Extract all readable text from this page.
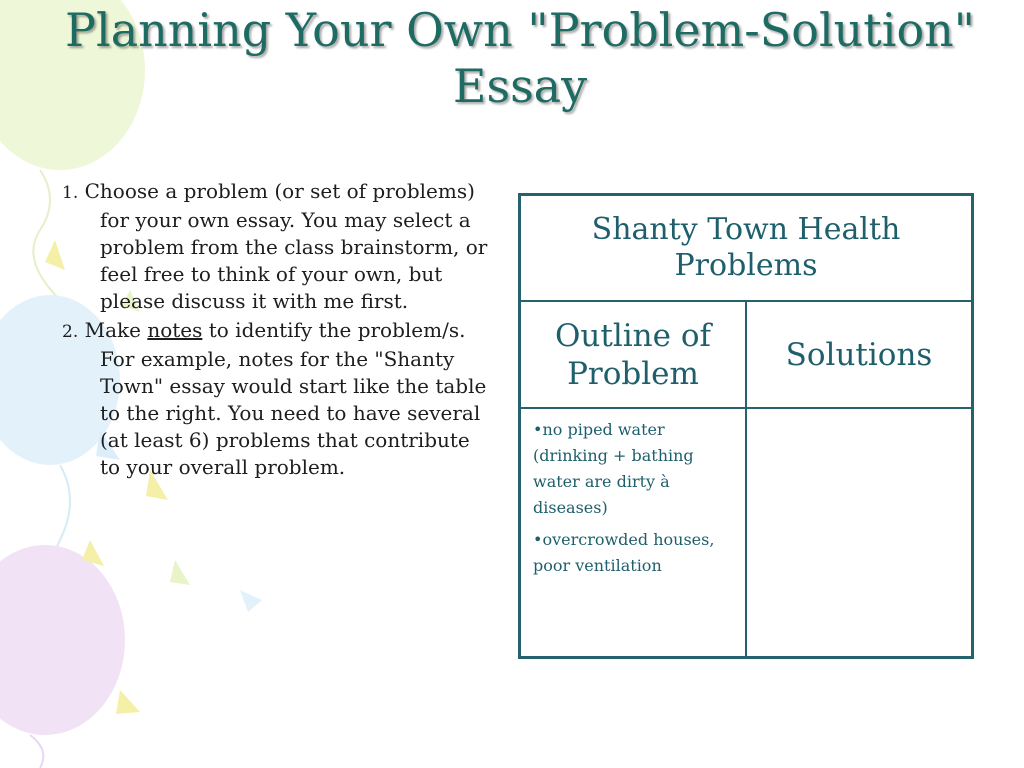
Planning Your Own "Problem-Solution" Essay

1. Choose a problem (or set of problems) for your own essay. You may select a problem from the class brainstorm, or feel free to think of your own, but please discuss it with me first.

2. Make notes to identify the problem/s. For example, notes for the "Shanty Town" essay would start like the table to the right. You need to have several (at least 6) problems that contribute to your overall problem.

Shanty Town Health Problems	
Outline of Problem	Solutions

•no piped water (drinking + bathing water are dirty à diseases)

•overcrowded houses, poor ventilation	
